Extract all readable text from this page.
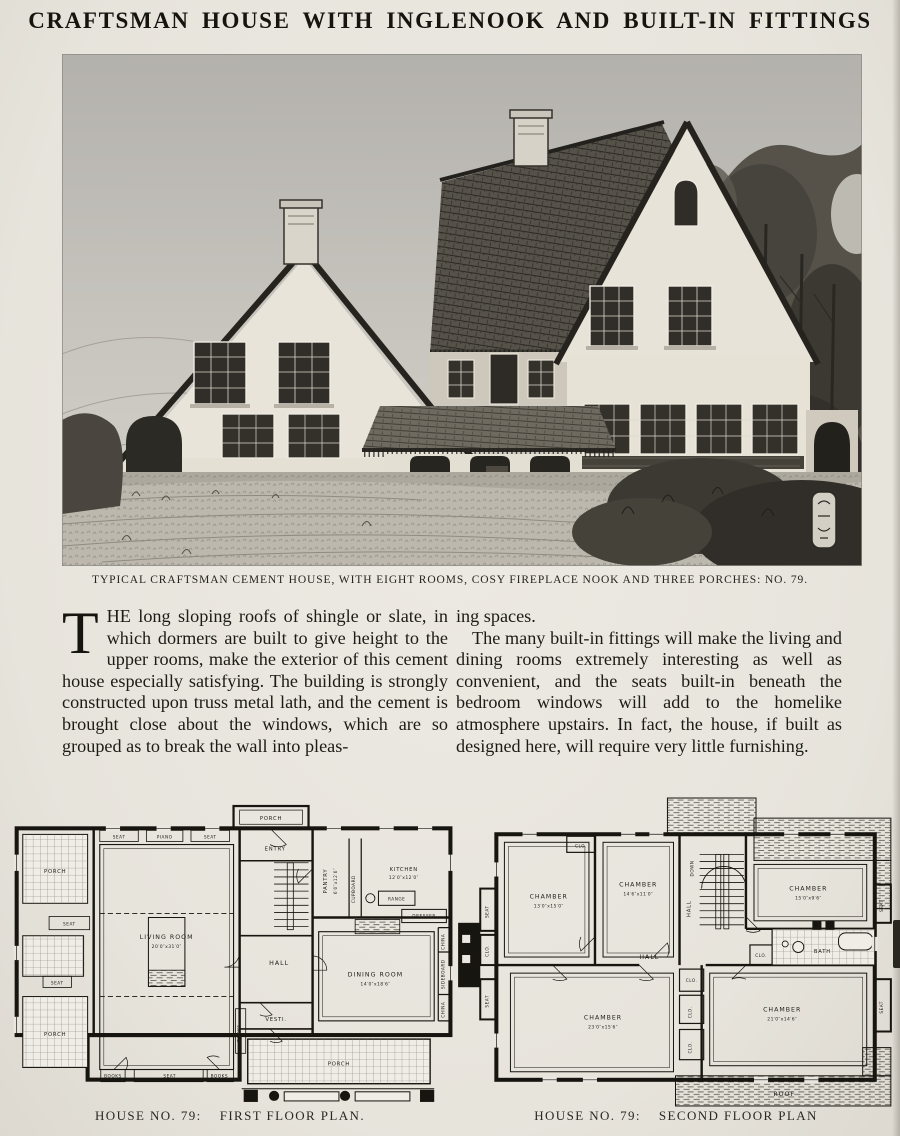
CRAFTSMAN HOUSE WITH INGLENOOK AND BUILT-IN FITTINGS
TYPICAL CRAFTSMAN CEMENT HOUSE, WITH EIGHT ROOMS, COSY FIREPLACE NOOK AND THREE PORCHES: NO. 79.

THE long sloping roofs of shingle or slate, in which dormers are built to give height to the upper rooms, make the exterior of this cement house especially satisfying. The building is strongly constructed upon truss metal lath, and the cement is brought close about the windows, which are so grouped as to break the wall into pleas-

ing spaces.

The many built-in fittings will make the living and dining rooms extremely interesting as well as convenient, and the seats built-in beneath the bedroom windows will add to the homelike atmosphere upstairs. In fact, the house, if built as designed here, will require very little furnishing.

PORCH
SEAT	PIANO	SEAT
ENTRY
PANTRY 6′0″x12′0″	CUPBOARD
KITCHEN
12′0″x12′0″
RANGE
DRESSER
PORCH
SEAT
SEAT
PORCH
LIVING ROOM
20′0″x31′0″
HALL
DINING ROOM
14′0″x18′6″
CHINA
SIDEBOARD
CHINA
VESTI.
BOOKS
BOOKS	SEAT	BOOKS
PORCH
CHAMBER
13′0″x15′0″
CLO.
CHAMBER
14′6″x11′0″
DOWN
HALL
CHAMBER
15′0″x9′6″
SEAT
BATH
HALL
CLO.
CLO.
CLO.
CLO.
SEAT
CLO.
SEAT
CHAMBER
23′0″x15′6″
CHAMBER
21′0″x14′6″
SEAT
ROOF
HOUSE NO. 79: FIRST FLOOR PLAN.	HOUSE NO. 79: SECOND FLOOR PLAN
